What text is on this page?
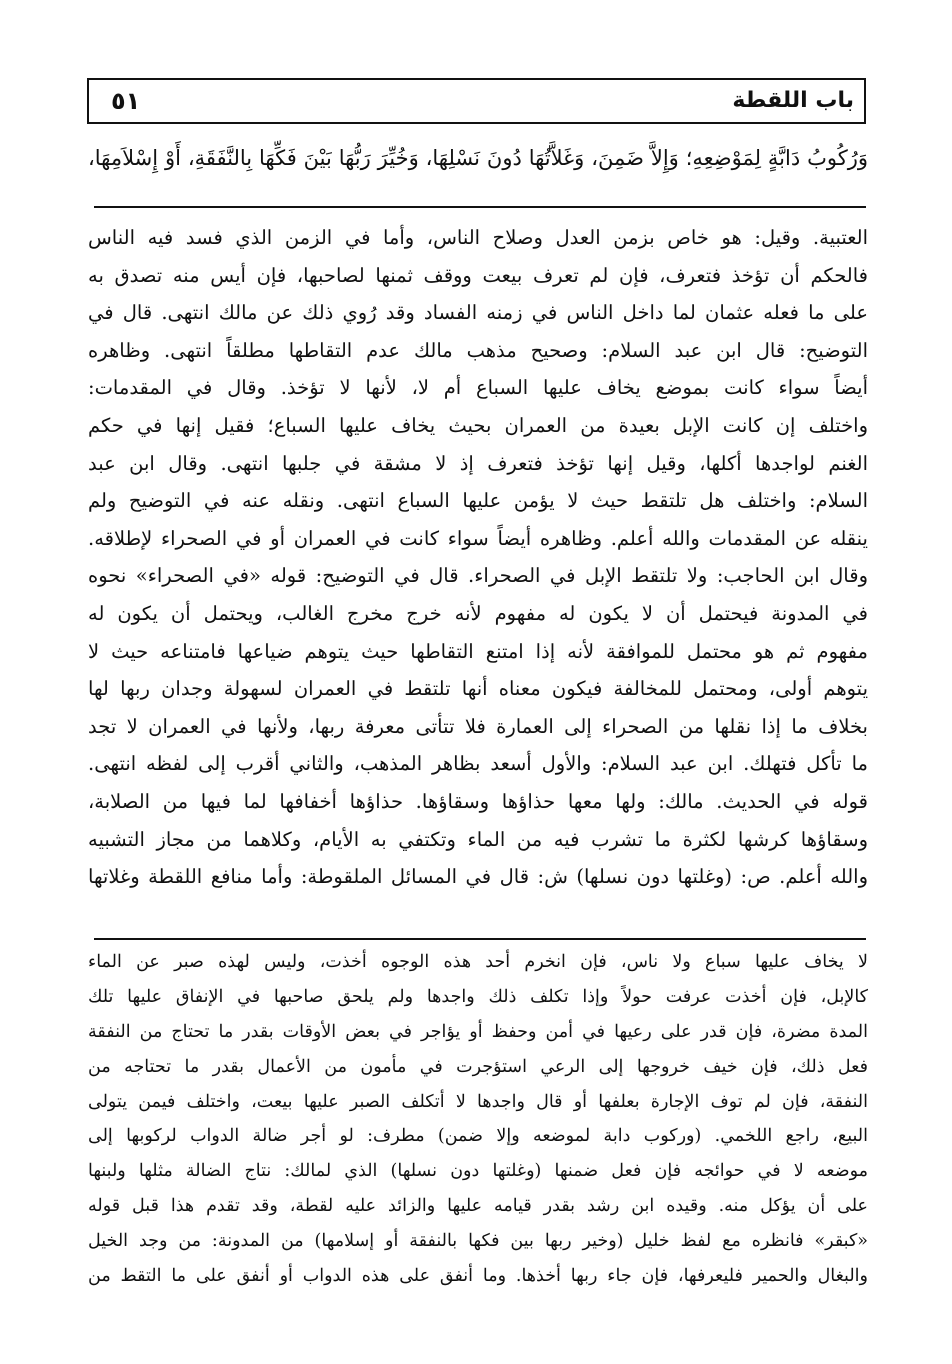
باب اللقطة
٥١
وَرُكُوبُ دَابَّةٍ لِمَوْضِعِهِ؛ وَإِلاَّ ضَمِنَ، وَغَلاَّتُهَا دُونَ نَسْلِهَا، وَخُيِّرَ رَبُّهَا بَيْنَ فَكِّهَا بِالنَّفَقَةِ، أَوْ إِسْلاَمِهَا،
العتبية. وقيل: هو خاص بزمن العدل وصلاح الناس، وأما في الزمن الذي فسد فيه الناس
فالحكم أن تؤخذ فتعرف، فإن لم تعرف بيعت ووقف ثمنها لصاحبها، فإن أيس منه تصدق به
على ما فعله عثمان لما داخل الناس في زمنه الفساد وقد رُوي ذلك عن مالك انتهى. قال في
التوضيح: قال ابن عبد السلام: وصحيح مذهب مالك عدم التقاطها مطلقاً انتهى. وظاهره
أيضاً سواء كانت بموضع يخاف عليها السباع أم لا، لأنها لا تؤخذ. وقال في المقدمات:
واختلف إن كانت الإبل بعيدة من العمران بحيث يخاف عليها السباع؛ فقيل إنها في حكم
الغنم لواجدها أكلها، وقيل إنها تؤخذ فتعرف إذ لا مشقة في جلبها انتهى. وقال ابن عبد
السلام: واختلف هل تلتقط حيث لا يؤمن عليها السباع انتهى. ونقله عنه في التوضيح ولم
ينقله عن المقدمات والله أعلم. وظاهره أيضاً سواء كانت في العمران أو في الصحراء لإطلاقه.
وقال ابن الحاجب: ولا تلتقط الإبل في الصحراء. قال في التوضيح: قوله «في الصحراء» نحوه
في المدونة فيحتمل أن لا يكون له مفهوم لأنه خرج مخرج الغالب، ويحتمل أن يكون له
مفهوم ثم هو محتمل للموافقة لأنه إذا امتنع التقاطها حيث يتوهم ضياعها فامتناعه حيث لا
يتوهم أولى، ومحتمل للمخالفة فيكون معناه أنها تلتقط في العمران لسهولة وجدان ربها لها
بخلاف ما إذا نقلها من الصحراء إلى العمارة فلا تتأتى معرفة ربها، ولأنها في العمران لا تجد
ما تأكل فتهلك. ابن عبد السلام: والأول أسعد بظاهر المذهب، والثاني أقرب إلى لفظه انتهى.
قوله في الحديث. مالك: ولها معها حذاؤها وسقاؤها. حذاؤها أخفافها لما فيها من الصلابة،
وسقاؤها كرشها لكثرة ما تشرب فيه من الماء وتكتفي به الأيام، وكلاهما من مجاز التشبيه
والله أعلم. ص: (وغلتها دون نسلها) ش: قال في المسائل الملقوطة: وأما منافع اللقطة وغلاتها
لا يخاف عليها سباع ولا ناس، فإن انخرم أحد هذه الوجوه أخذت، وليس لهذه صبر عن الماء
كالإبل، فإن أخذت عرفت حولاً وإذا تكلف ذلك واجدها ولم يلحق صاحبها في الإنفاق عليها تلك
المدة مضرة، فإن قدر على رعيها في أمن وحفظ أو يؤاجر في بعض الأوقات بقدر ما تحتاج من النفقة
فعل ذلك، فإن خيف خروجها إلى الرعي استؤجرت في مأمون من الأعمال بقدر ما تحتاجه من
النفقة، فإن لم توف الإجارة بعلفها أو قال واجدها لا أتكلف الصبر عليها بيعت، واختلف فيمن يتولى
البيع، راجع اللخمي. (وركوب دابة لموضعه وإلا ضمن) مطرف: لو أجر ضالة الدواب لركوبها إلى
موضعه لا في حوائجه فإن فعل ضمنها (وغلتها دون نسلها) الذي لمالك: نتاج الضالة مثلها ولبنها
على أن يؤكل منه. وقيده ابن رشد بقدر قيامه عليها والزائد عليه لقطة، وقد تقدم هذا قبل قوله
«كبقر» فانظره مع لفظ خليل (وخير ربها بين فكها بالنفقة أو إسلامها) من المدونة: من وجد الخيل
والبغال والحمير فليعرفها، فإن جاء ربها أخذها. وما أنفق على هذه الدواب أو أنفق على ما التقط من
